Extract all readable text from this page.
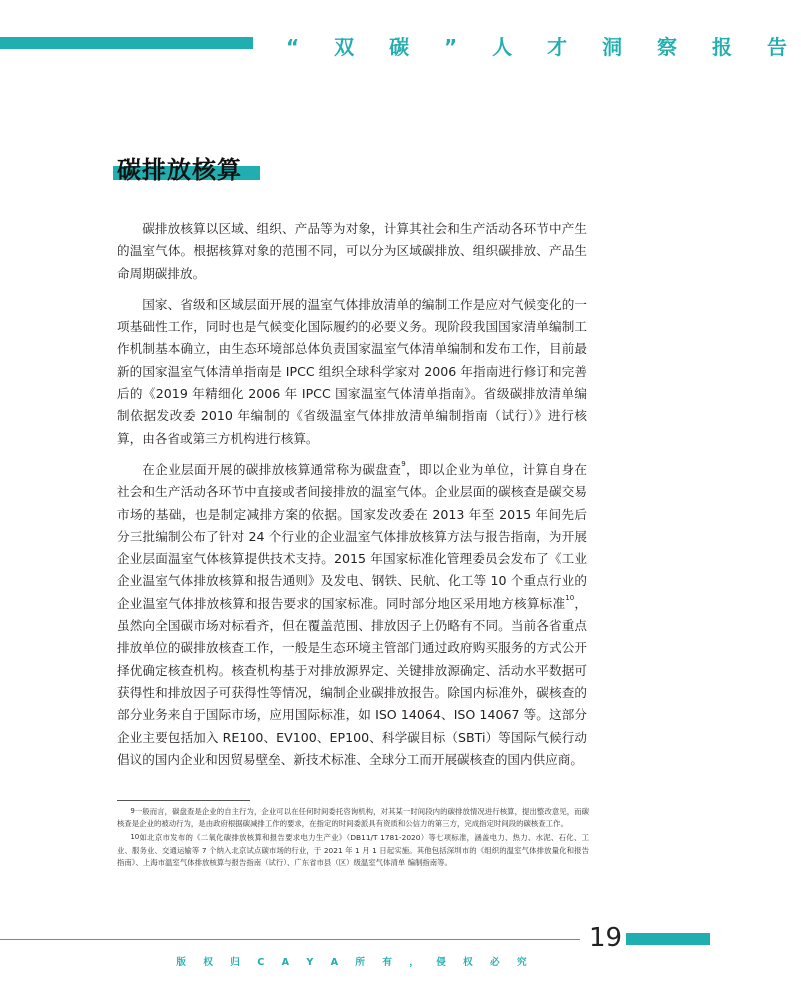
“ 双 碳 ” 人 才 洞 察 报 告
碳排放核算

碳排放核算以区域、组织、产品等为对象，计算其社会和生产活动各环节中产生的温室气体。根据核算对象的范围不同，可以分为区域碳排放、组织碳排放、产品生命周期碳排放。

国家、省级和区域层面开展的温室气体排放清单的编制工作是应对气候变化的一项基础性工作，同时也是气候变化国际履约的必要义务。现阶段我国国家清单编制工作机制基本确立，由生态环境部总体负责国家温室气体清单编制和发布工作，目前最新的国家温室气体清单指南是 IPCC 组织全球科学家对 2006 年指南进行修订和完善后的《2019 年精细化 2006 年 IPCC 国家温室气体清单指南》。省级碳排放清单编制依据发改委 2010 年编制的《省级温室气体排放清单编制指南（试行）》进行核算，由各省或第三方机构进行核算。

在企业层面开展的碳排放核算通常称为碳盘查$^9$，即以企业为单位，计算自身在社会和生产活动各环节中直接或者间接排放的温室气体。企业层面的碳核查是碳交易市场的基础，也是制定减排方案的依据。国家发改委在 2013 年至 2015 年间先后分三批编制公布了针对 24 个行业的企业温室气体排放核算方法与报告指南，为开展企业层面温室气体核算提供技术支持。2015 年国家标准化管理委员会发布了《工业企业温室气体排放核算和报告通则》及发电、钢铁、民航、化工等 10 个重点行业的企业温室气体排放核算和报告要求的国家标准。同时部分地区采用地方核算标准$^{10}$，虽然向全国碳市场对标看齐，但在覆盖范围、排放因子上仍略有不同。当前各省重点排放单位的碳排放核查工作，一般是生态环境主管部门通过政府购买服务的方式公开择优确定核查机构。核查机构基于对排放源界定、关键排放源确定、活动水平数据可获得性和排放因子可获得性等情况，编制企业碳排放报告。除国内标准外，碳核查的部分业务来自于国际市场，应用国际标准，如 ISO 14064、ISO 14067 等。这部分企业主要包括加入 RE100、EV100、EP100、科学碳目标（SBTi）等国际气候行动倡议的国内企业和因贸易壁垒、新技术标准、全球分工而开展碳核查的国内供应商。

$^9$一般而言，碳盘查是企业的自主行为，企业可以在任何时间委托咨询机构，对其某一时间段内的碳排放情况进行核算，提出整改意见，而碳核查是企业的被动行为，是由政府根据碳减排工作的要求，在指定的时间委派具有资质和公信力的第三方，完成指定时间段的碳核查工作。

$^{10}$如北京市发布的《二氧化碳排放核算和报告要求电力生产业》（DB11/T 1781-2020）等七项标准，涵盖电力、热力、水泥、石化、工业、服务业、交通运输等 7 个纳入北京试点碳市场的行业，于 2021 年 1 月 1 日起实施。其他包括深圳市的《组织的温室气体排放量化和报告指南》、上海市温室气体排放核算与报告指南（试行）、广东省市县（区）级温室气体清单 编制指南等。

19
版 权 归 C A Y A 所 有 ， 侵 权 必 究
